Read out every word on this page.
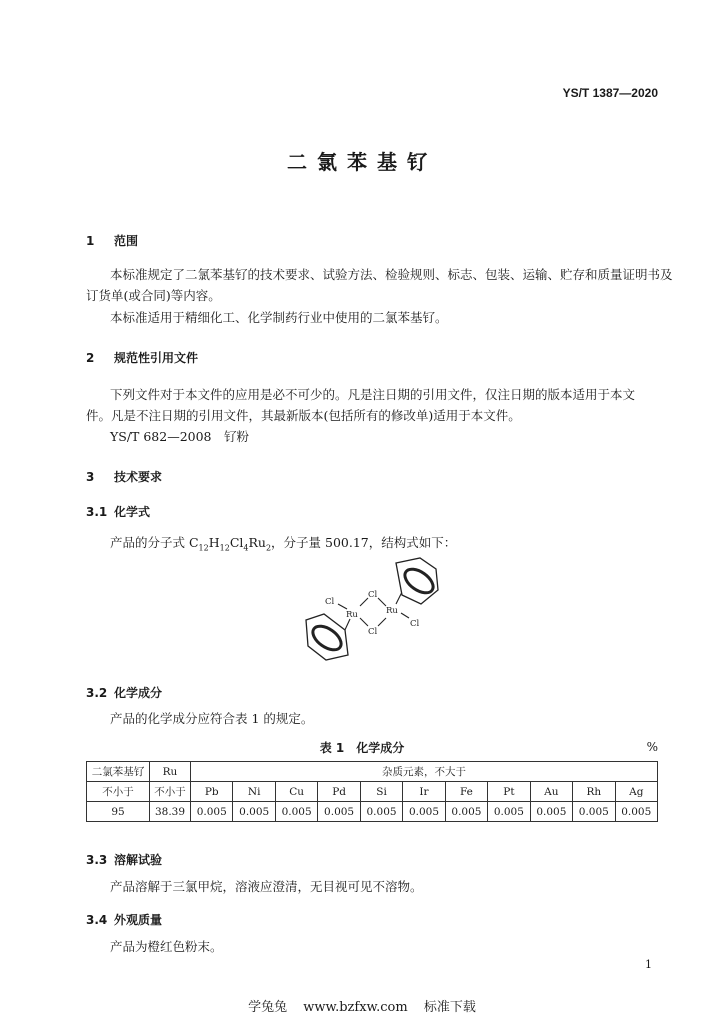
YS/T 1387—2020
二氯苯基钌
1 范围
本标准规定了二氯苯基钌的技术要求、试验方法、检验规则、标志、包装、运输、贮存和质量证明书及
订货单(或合同)等内容。
本标准适用于精细化工、化学制药行业中使用的二氯苯基钌。
2 规范性引用文件
下列文件对于本文件的应用是必不可少的。凡是注日期的引用文件，仅注日期的版本适用于本文
件。凡是不注日期的引用文件，其最新版本(包括所有的修改单)适用于本文件。
YS/T 682—2008　钌粉
3 技术要求
3.1 化学式
产品的分子式 $C_{12}H_{12}Cl_4Ru_2$，分子量 500.17，结构式如下：
Cl
Cl
Cl
Cl
Ru	Ru
3.2 化学成分
产品的化学成分应符合表 1 的规定。
表 1　化学成分	%
二氯苯基钌	Ru	杂质元素，不大于										
不小于	不小于	Pb	Ni	Cu	Pd	Si	Ir	Fe	Pt	Au	Rh	Ag
95	38.39	0.005	0.005	0.005	0.005	0.005	0.005	0.005	0.005	0.005	0.005	0.005
3.3 溶解试验
产品溶解于三氯甲烷，溶液应澄清，无目视可见不溶物。
3.4 外观质量
产品为橙红色粉末。
1
学兔兔 www.bzfxw.com 标准下载
